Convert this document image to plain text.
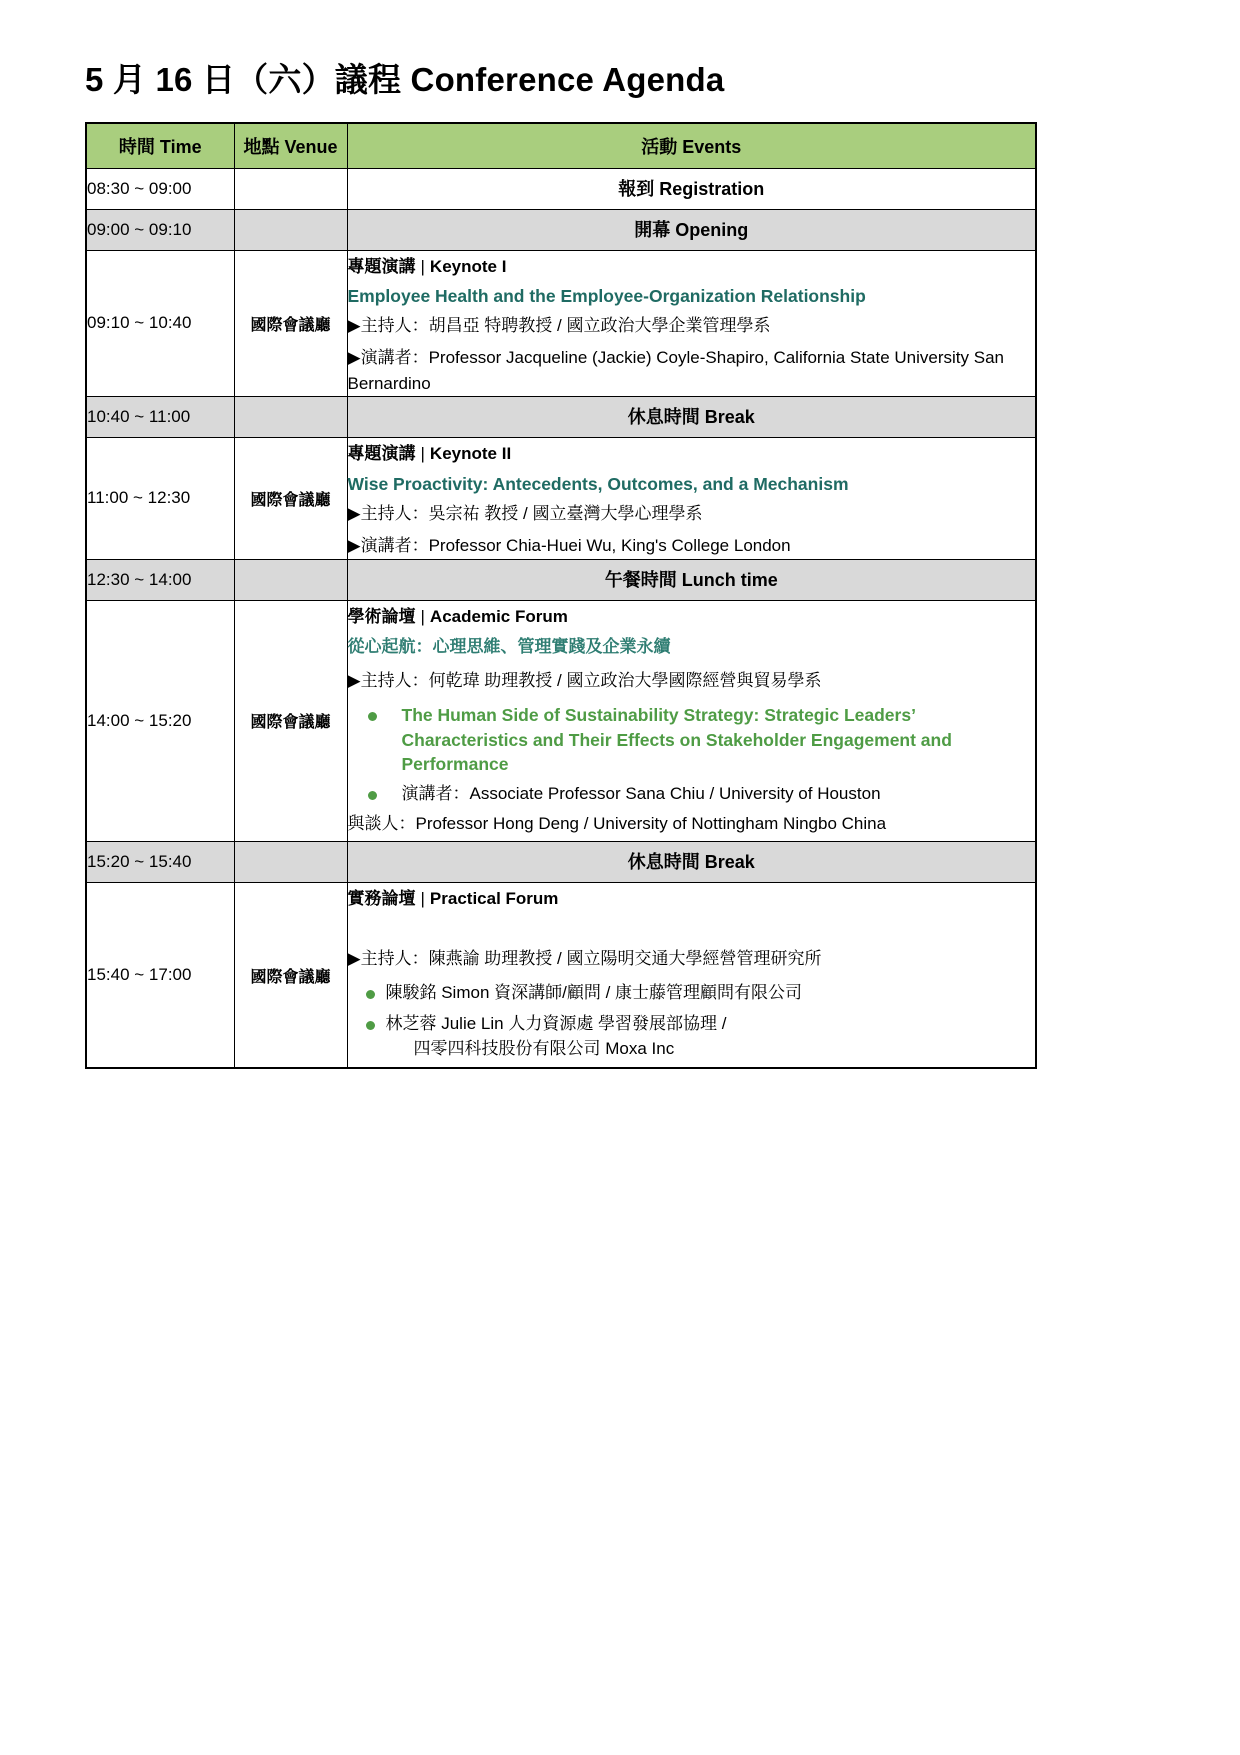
5 月 16 日（六）議程 Conference Agenda
時間 Time	地點 Venue	活動 Events
08:30 ~ 09:00		報到 Registration
09:00 ~ 09:10		開幕 Opening
09:10 ~ 10:40	國際會議廳	專題演講 | Keynote I
Employee Health and the Employee-Organization Relationship
▶主持人：胡昌亞 特聘教授 / 國立政治大學企業管理學系
▶演講者：Professor Jacqueline (Jackie) Coyle-Shapiro, California State University San Bernardino

10:40 ~ 11:00		休息時間 Break
11:00 ~ 12:30	國際會議廳	專題演講 | Keynote II
Wise Proactivity: Antecedents, Outcomes, and a Mechanism
▶主持人：吳宗祐 教授 / 國立臺灣大學心理學系
▶演講者：Professor Chia-Huei Wu, King's College London

12:30 ~ 14:00		午餐時間 Lunch time
14:00 ~ 15:20	國際會議廳	
學術論壇 | Academic Forum
從心起航：心理思維、管理實踐及企業永續
▶主持人：何乾瑋 助理教授 / 國立政治大學國際經營與貿易學系
The Human Side of Sustainability Strategy: Strategic Leaders’ Characteristics and Their Effects on Stakeholder Engagement and Performance
演講者：Associate Professor Sana Chiu / University of Houston
與談人：Professor Hong Deng / University of Nottingham Ningbo China

15:20 ~ 15:40		休息時間 Break
15:40 ~ 17:00	國際會議廳	
實務論壇 | Practical Forum
▶主持人：陳燕諭 助理教授 / 國立陽明交通大學經營管理研究所
陳駿銘 Simon 資深講師/顧問 / 康士藤管理顧問有限公司
林芝蓉 Julie Lin 人力資源處 學習發展部協理 /
四零四科技股份有限公司 Moxa Inc
